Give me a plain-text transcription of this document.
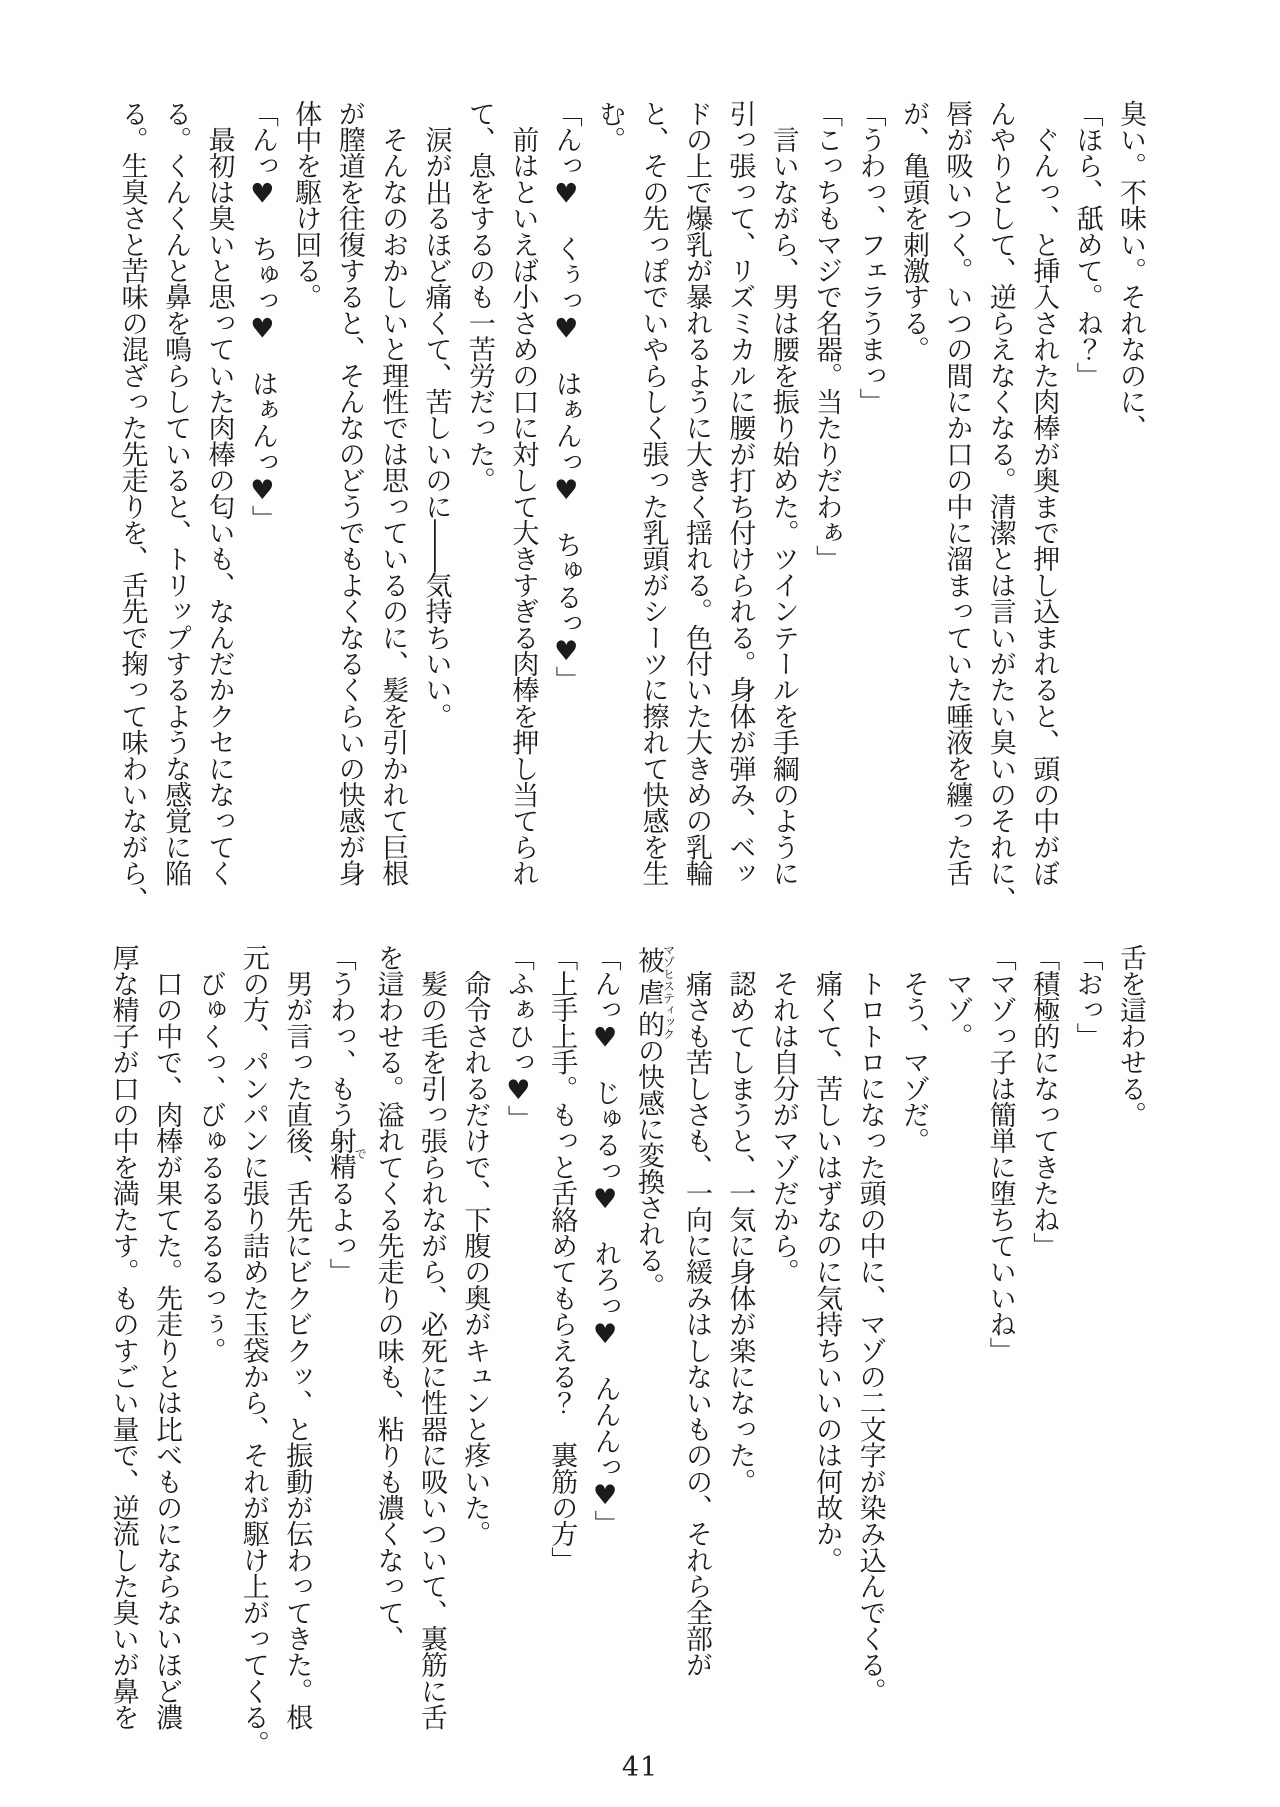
臭い。不味い。それなのに、
「ほら、舐めて。ね？」
　ぐんっ、と挿入された肉棒が奥まで押し込まれると、頭の中がぼ
んやりとして、逆らえなくなる。清潔とは言いがたい臭いのそれに、
唇が吸いつく。いつの間にか口の中に溜まっていた唾液を纏った舌
が、亀頭を刺激する。
「うわっ、フェラうまっ」
「こっちもマジで名器。当たりだわぁ」
　言いながら、男は腰を振り始めた。ツインテールを手綱のように
引っ張って、リズミカルに腰が打ち付けられる。身体が弾み、ベッ
ドの上で爆乳が暴れるように大きく揺れる。色付いた大きめの乳輪
と、その先っぽでいやらしく張った乳頭がシーツに擦れて快感を生
む。
「んっ♥　くぅっ♥　はぁんっ♥　ちゅるっ♥」
　前はといえば小さめの口に対して大きすぎる肉棒を押し当てられ
て、息をするのも一苦労だった。
　涙が出るほど痛くて、苦しいのに――気持ちいい。
　そんなのおかしいと理性では思っているのに、髪を引かれて巨根
が膣道を往復すると、そんなのどうでもよくなるくらいの快感が身
体中を駆け回る。
「んっ♥　ちゅっ♥　はぁんっ♥」
　最初は臭いと思っていた肉棒の匂いも、なんだかクセになってく
る。くんくんと鼻を鳴らしていると、トリップするような感覚に陥
る。生臭さと苦味の混ざった先走りを、舌先で掬って味わいながら、
舌を這わせる。
「おっ」
「積極的になってきたね」
「マゾっ子は簡単に堕ちていいね」
　マゾ。
　そう、マゾだ。
　トロトロになった頭の中に、マゾの二文字が染み込んでくる。
　痛くて、苦しいはずなのに気持ちいいのは何故か。
　それは自分がマゾだから。
　認めてしまうと、一気に身体が楽になった。
　痛さも苦しさも、一向に緩みはしないものの、それら全部が
被虐的マゾヒスティックの快感に変換される。
「んっ♥　じゅるっ♥　れろっ♥　んんんっ♥」
「上手上手。もっと舌絡めてもらえる？　裏筋の方」
「ふぁひっ♥」
　命令されるだけで、下腹の奥がキュンと疼いた。
　髪の毛を引っ張られながら、必死に性器に吸いついて、裏筋に舌
を這わせる。溢れてくる先走りの味も、粘りも濃くなって、
「うわっ、もう射精でるよっ」
　男が言った直後、舌先にビクビクッ、と振動が伝わってきた。根
元の方、パンパンに張り詰めた玉袋から、それが駆け上がってくる。
　びゅくっ、びゅるるるるるっぅ。
　口の中で、肉棒が果てた。先走りとは比べものにならないほど濃
厚な精子が口の中を満たす。ものすごい量で、逆流した臭いが鼻を
41
